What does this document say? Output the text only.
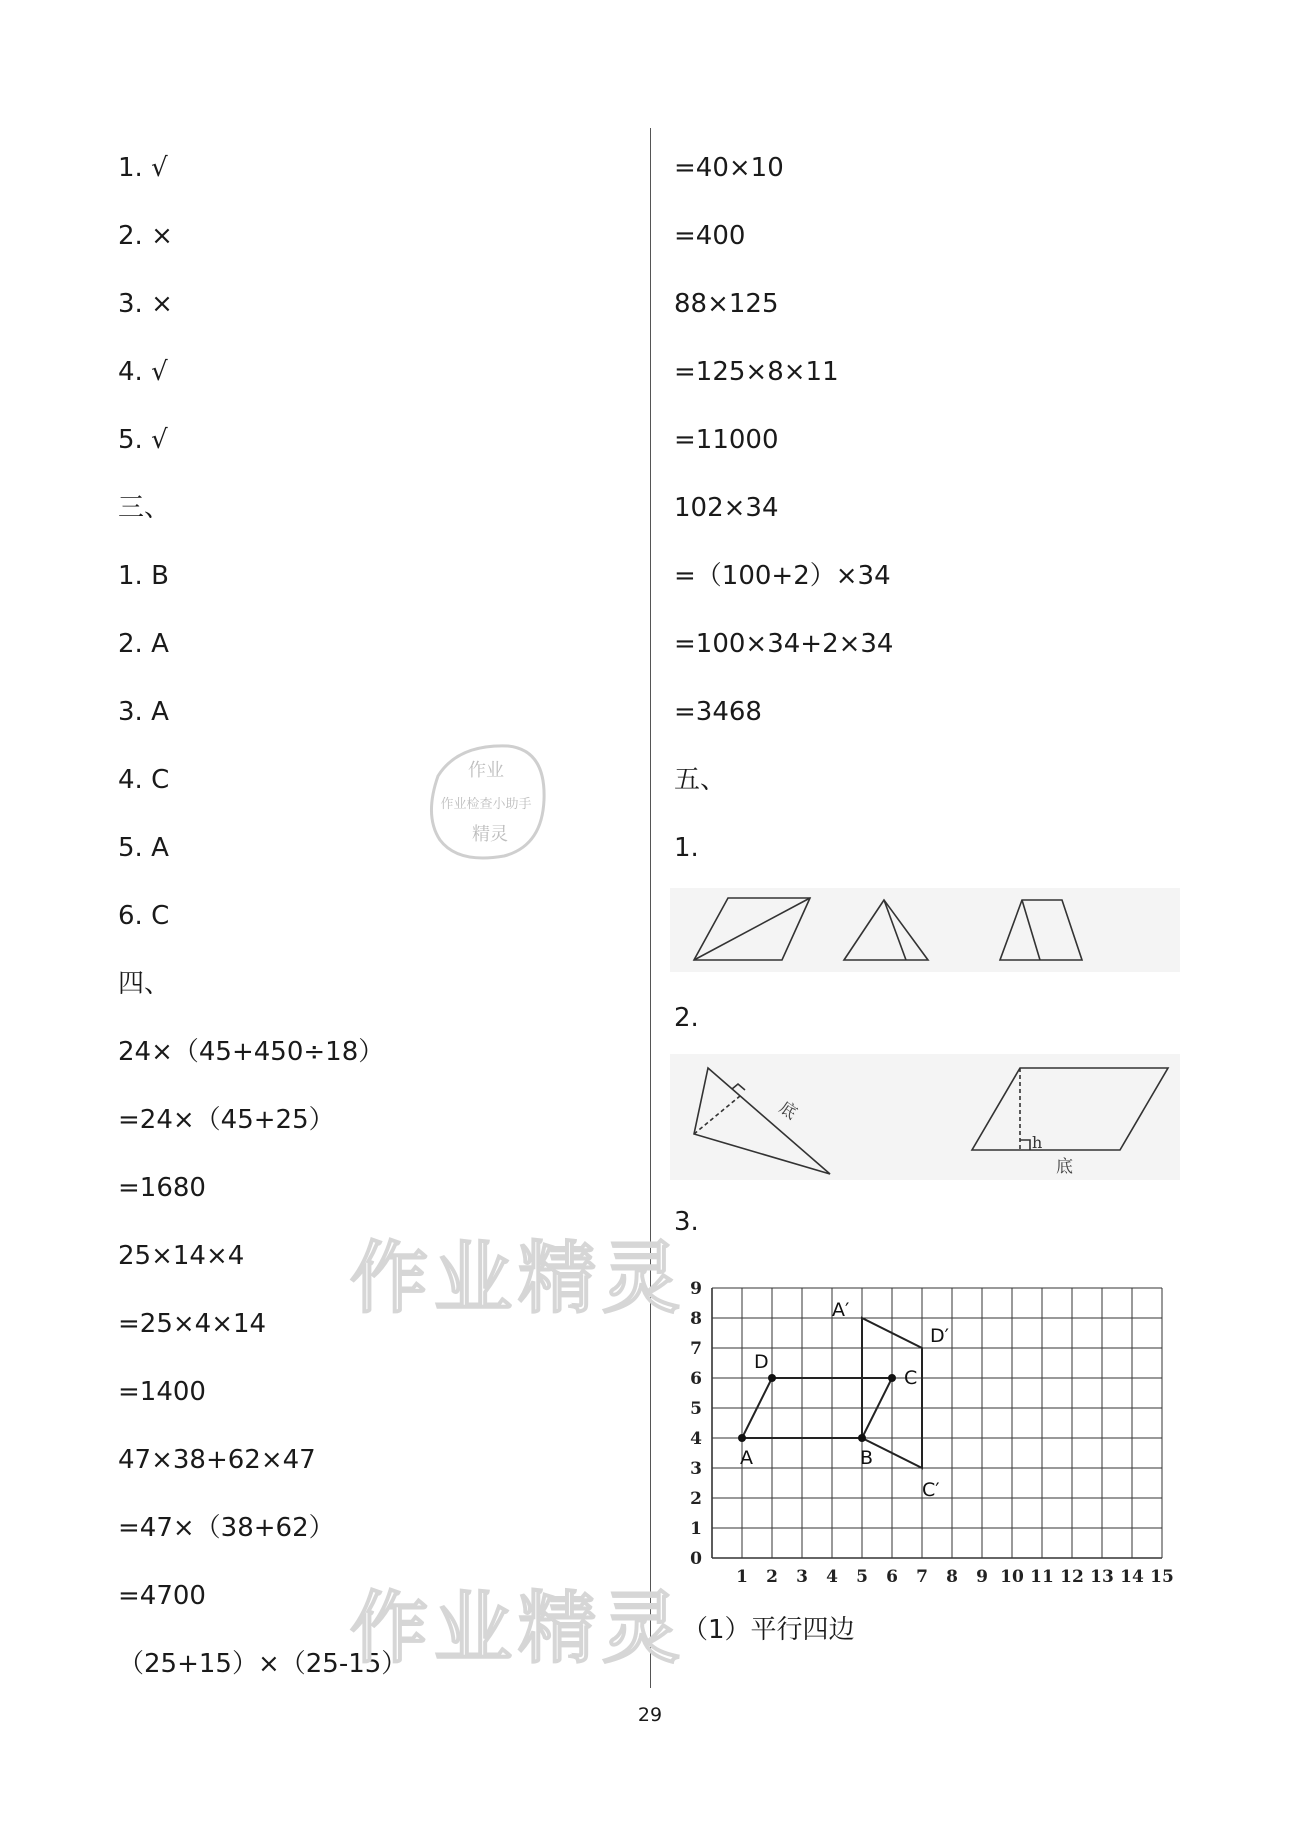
1. √
2. ×
3. ×
4. √
5. √
三、
1. B
2. A
3. A
4. C
5. A
6. C
四、
24×（45+450÷18）
=24×（45+25）
=1680
25×14×4
=25×4×14
=1400
47×38+62×47
=47×（38+62）
=4700
（25+15）×（25-15）
=40×10
=400
88×125
=125×8×11
=11000
102×34
=（100+2）×34
=100×34+2×34
=3468
五、
1.
2.
3.
（1）平行四边
底
h
底
1 2 3 4 5 6 7 8 9 10 11 12 13 14 15
0
1
2
3
4
5
6
7
8
9
A	B
C
D
A′
D′
C′
作业
作业检查小助手
精灵
作业精灵
作业精灵
29
